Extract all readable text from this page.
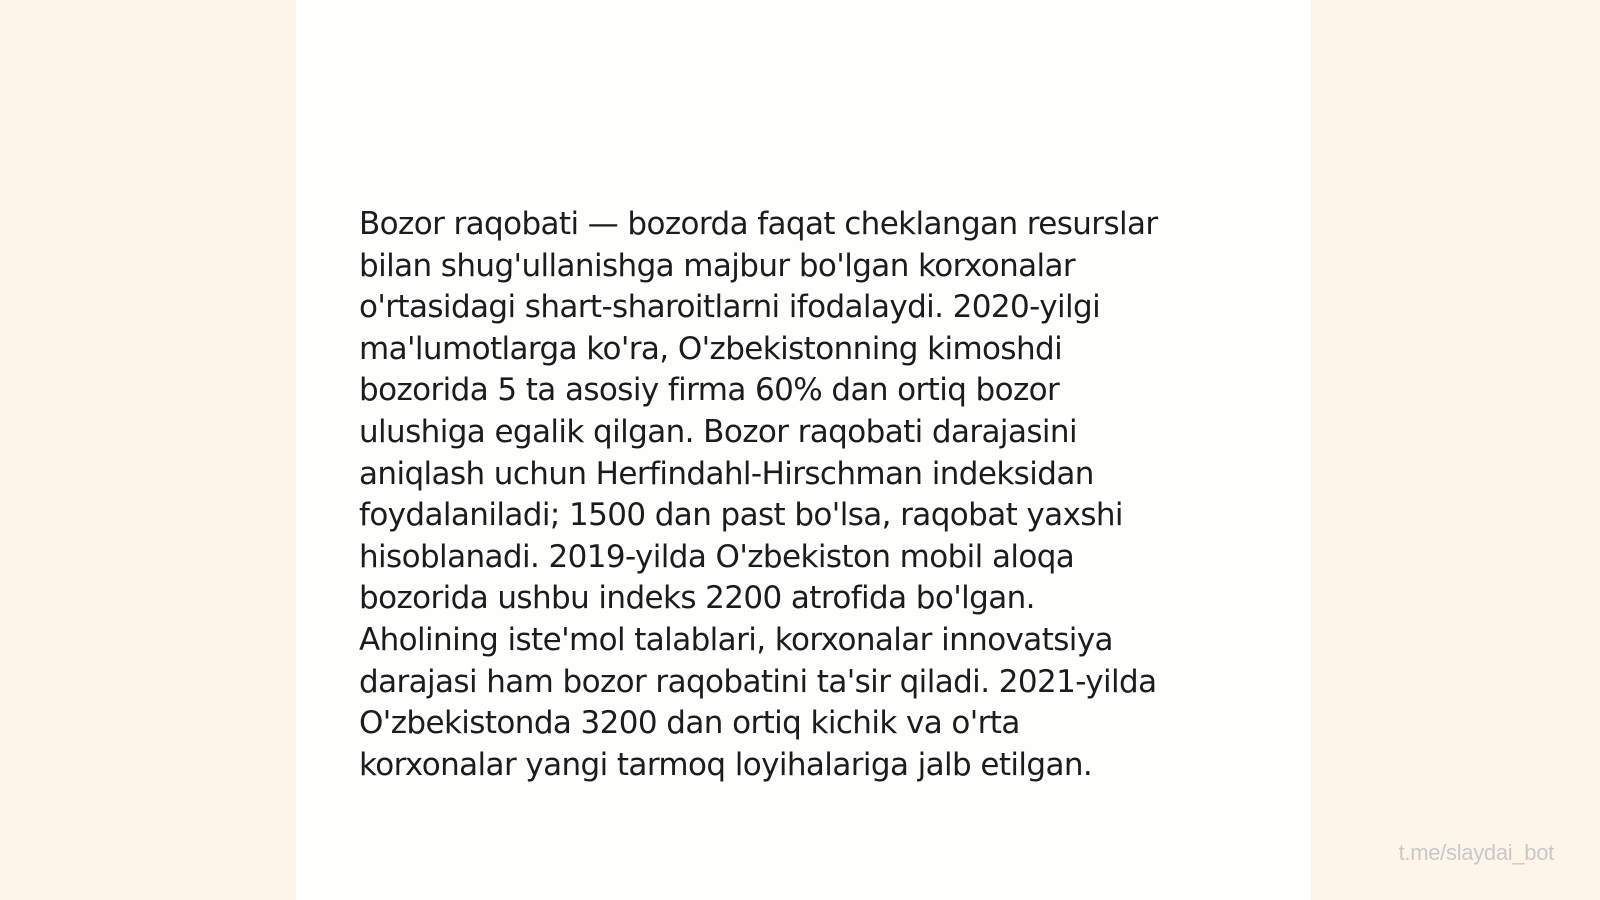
Bozor raqobati — bozorda faqat cheklangan resurslar
bilan shug'ullanishga majbur bo'lgan korxonalar
o'rtasidagi shart-sharoitlarni ifodalaydi. 2020-yilgi
ma'lumotlarga ko'ra, O'zbekistonning kimoshdi
bozorida 5 ta asosiy firma 60% dan ortiq bozor
ulushiga egalik qilgan. Bozor raqobati darajasini
aniqlash uchun Herfindahl-Hirschman indeksidan
foydalaniladi; 1500 dan past bo'lsa, raqobat yaxshi
hisoblanadi. 2019-yilda O'zbekiston mobil aloqa
bozorida ushbu indeks 2200 atrofida bo'lgan.
Aholining iste'mol talablari, korxonalar innovatsiya
darajasi ham bozor raqobatini ta'sir qiladi. 2021-yilda
O'zbekistonda 3200 dan ortiq kichik va o'rta
korxonalar yangi tarmoq loyihalariga jalb etilgan.

t.me/slaydai_bot
